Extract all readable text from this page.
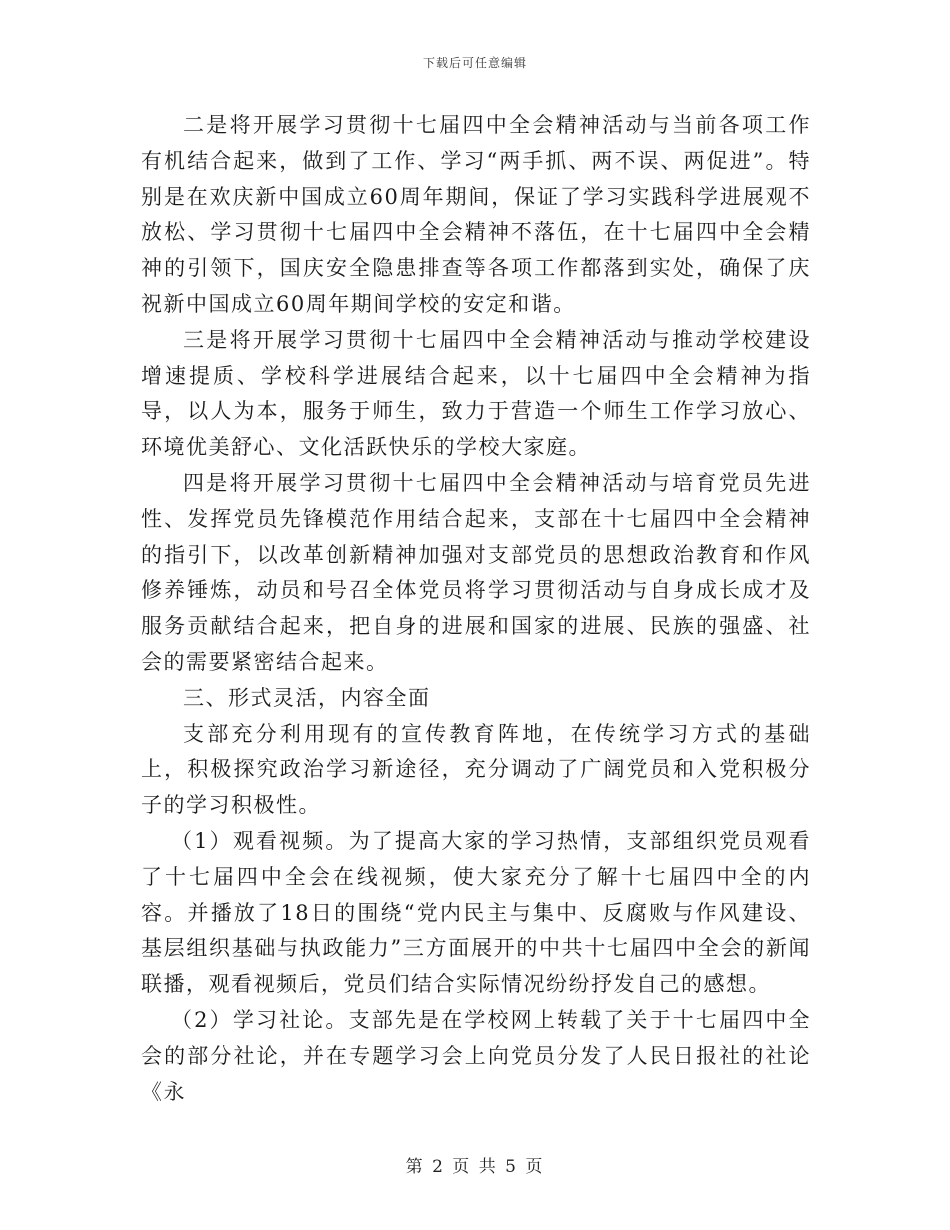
下载后可任意编辑

二是将开展学习贯彻十七届四中全会精神活动与当前各项工作有机结合起来，做到了工作、学习“两手抓、两不误、两促进”。特别是在欢庆新中国成立60周年期间，保证了学习实践科学进展观不放松、学习贯彻十七届四中全会精神不落伍，在十七届四中全会精神的引领下，国庆安全隐患排查等各项工作都落到实处，确保了庆祝新中国成立60周年期间学校的安定和谐。

三是将开展学习贯彻十七届四中全会精神活动与推动学校建设增速提质、学校科学进展结合起来，以十七届四中全会精神为指导，以人为本，服务于师生，致力于营造一个师生工作学习放心、环境优美舒心、文化活跃快乐的学校大家庭。

四是将开展学习贯彻十七届四中全会精神活动与培育党员先进性、发挥党员先锋模范作用结合起来，支部在十七届四中全会精神的指引下，以改革创新精神加强对支部党员的思想政治教育和作风修养锤炼，动员和号召全体党员将学习贯彻活动与自身成长成才及服务贡献结合起来，把自身的进展和国家的进展、民族的强盛、社会的需要紧密结合起来。

三、形式灵活，内容全面

支部充分利用现有的宣传教育阵地，在传统学习方式的基础上，积极探究政治学习新途径，充分调动了广阔党员和入党积极分子的学习积极性。

（1）观看视频。为了提高大家的学习热情，支部组织党员观看了十七届四中全会在线视频，使大家充分了解十七届四中全的内容。并播放了18日的围绕“党内民主与集中、反腐败与作风建设、基层组织基础与执政能力”三方面展开的中共十七届四中全会的新闻联播，观看视频后，党员们结合实际情况纷纷抒发自己的感想。

（2）学习社论。支部先是在学校网上转载了关于十七届四中全会的部分社论，并在专题学习会上向党员分发了人民日报社的社论《永

第 2 页 共 5 页
